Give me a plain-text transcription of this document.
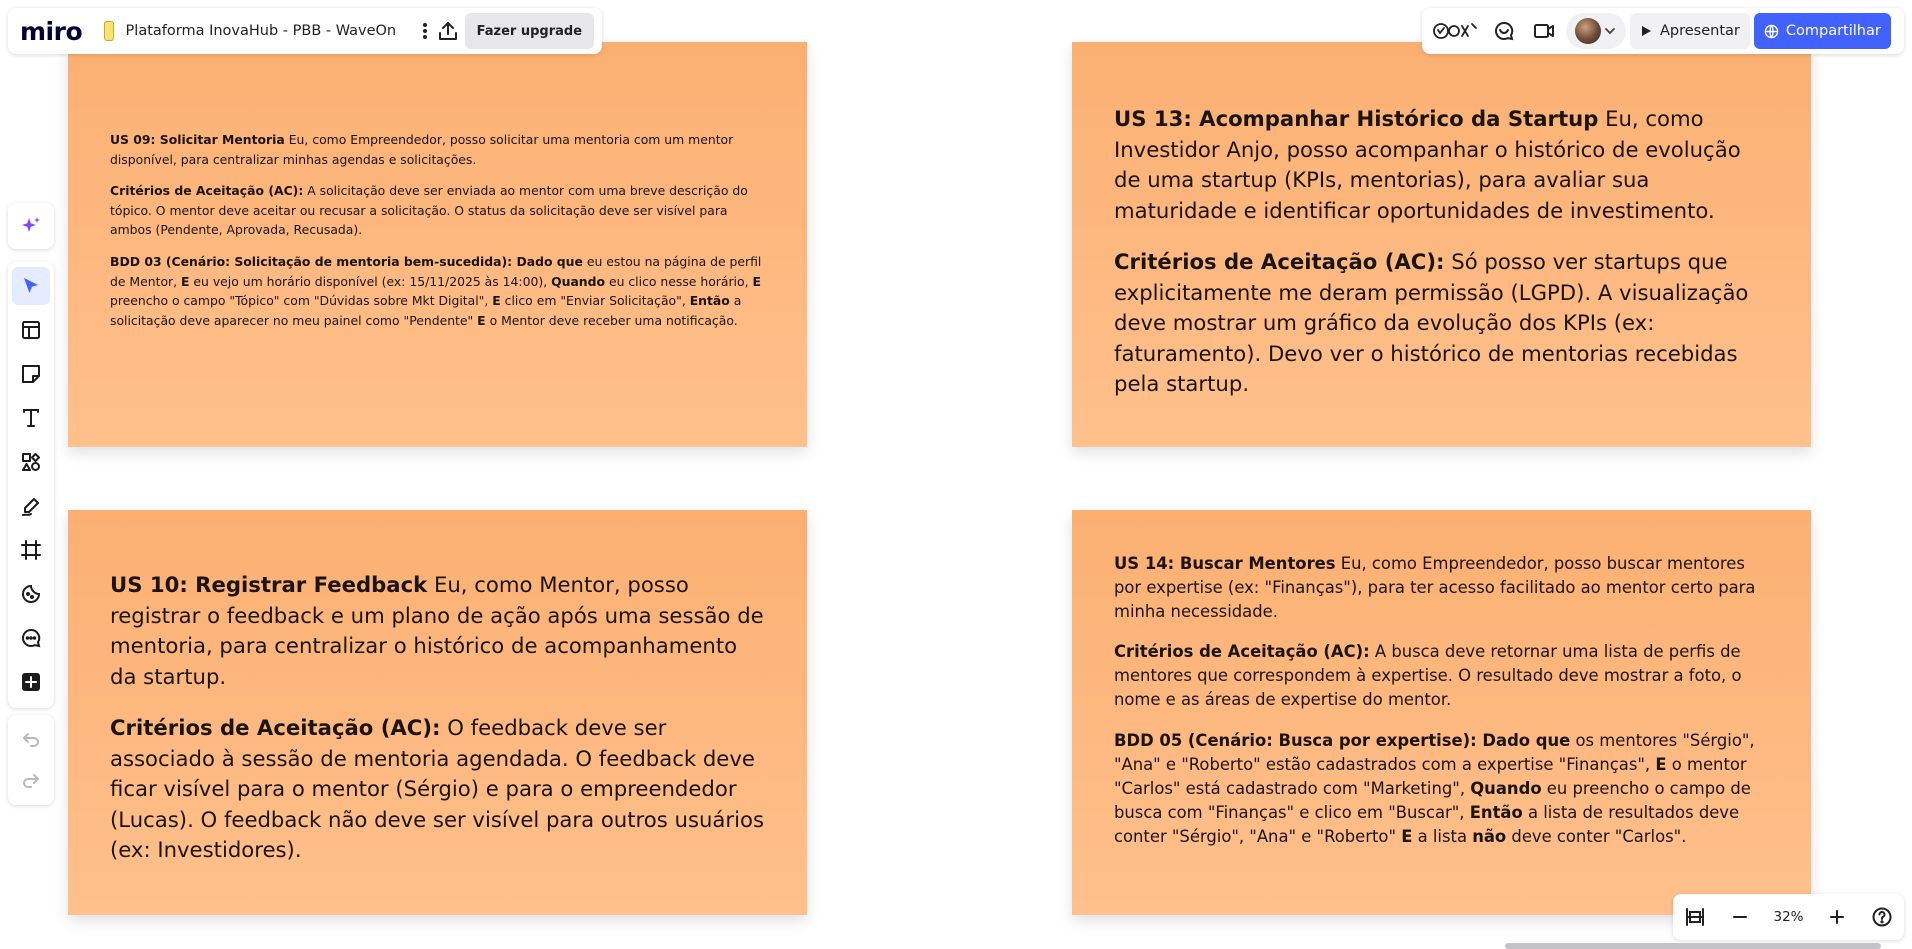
US 09: Solicitar Mentoria Eu, como Empreendedor, posso solicitar uma mentoria com um mentor disponível, para centralizar minhas agendas e solicitações.

Critérios de Aceitação (AC): A solicitação deve ser enviada ao mentor com uma breve descrição do tópico. O mentor deve aceitar ou recusar a solicitação. O status da solicitação deve ser visível para ambos (Pendente, Aprovada, Recusada).

BDD 03 (Cenário: Solicitação de mentoria bem-sucedida): Dado que eu estou na página de perfil de Mentor, E eu vejo um horário disponível (ex: 15/11/2025 às 14:00), Quando eu clico nesse horário, E preencho o campo "Tópico" com "Dúvidas sobre Mkt Digital", E clico em "Enviar Solicitação", Então a solicitação deve aparecer no meu painel como "Pendente" E o Mentor deve receber uma notificação.

US 13: Acompanhar Histórico da Startup Eu, como Investidor Anjo, posso acompanhar o histórico de evolução de uma startup (KPIs, mentorias), para avaliar sua maturidade e identificar oportunidades de investimento.

Critérios de Aceitação (AC): Só posso ver startups que explicitamente me deram permissão (LGPD). A visualização deve mostrar um gráfico da evolução dos KPIs (ex: faturamento). Devo ver o histórico de mentorias recebidas pela startup.

US 10: Registrar Feedback Eu, como Mentor, posso registrar o feedback e um plano de ação após uma sessão de mentoria, para centralizar o histórico de acompanhamento da startup.

Critérios de Aceitação (AC): O feedback deve ser associado à sessão de mentoria agendada. O feedback deve ficar visível para o mentor (Sérgio) e para o empreendedor (Lucas). O feedback não deve ser visível para outros usuários (ex: Investidores).

US 14: Buscar Mentores Eu, como Empreendedor, posso buscar mentores por expertise (ex: "Finanças"), para ter acesso facilitado ao mentor certo para minha necessidade.

Critérios de Aceitação (AC): A busca deve retornar uma lista de perfis de mentores que correspondem à expertise. O resultado deve mostrar a foto, o nome e as áreas de expertise do mentor.

BDD 05 (Cenário: Busca por expertise): Dado que os mentores "Sérgio", "Ana" e "Roberto" estão cadastrados com a expertise "Finanças", E o mentor "Carlos" está cadastrado com "Marketing", Quando eu preencho o campo de busca com "Finanças" e clico em "Buscar", Então a lista de resultados deve conter "Sérgio", "Ana" e "Roberto" E a lista não deve conter "Carlos".

miro	Plataforma InovaHub - PBB - WaveOn	Fazer upgrade	Apresentar	Compartilhar
32%
